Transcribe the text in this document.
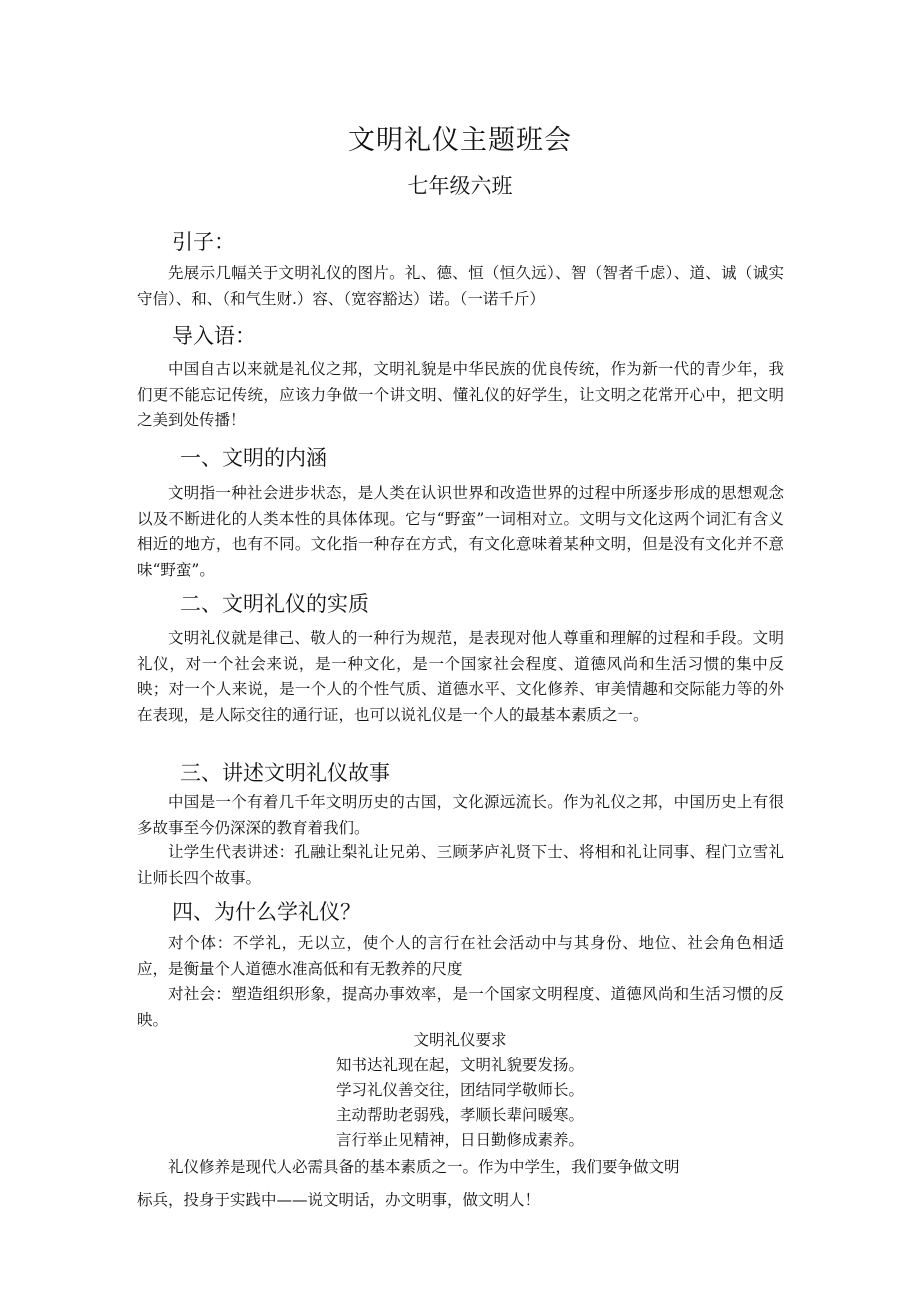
文明礼仪主题班会
七年级六班
引子：

先展示几幅关于文明礼仪的图片。礼、德、恒（恒久远）、智（智者千虑）、道、诚（诚实守信）、和、（和气生财.）容、（宽容豁达）诺。（一诺千斤）

导入语：

中国自古以来就是礼仪之邦，文明礼貌是中华民族的优良传统，作为新一代的青少年，我们更不能忘记传统，应该力争做一个讲文明、懂礼仪的好学生，让文明之花常开心中，把文明之美到处传播！

一、文明的内涵

文明指一种社会进步状态，是人类在认识世界和改造世界的过程中所逐步形成的思想观念以及不断进化的人类本性的具体体现。它与“野蛮”一词相对立。文明与文化这两个词汇有含义相近的地方，也有不同。文化指一种存在方式，有文化意味着某种文明，但是没有文化并不意味“野蛮”。

二、文明礼仪的实质

文明礼仪就是律己、敬人的一种行为规范，是表现对他人尊重和理解的过程和手段。文明礼仪，对一个社会来说，是一种文化，是一个国家社会程度、道德风尚和生活习惯的集中反映；对一个人来说，是一个人的个性气质、道德水平、文化修养、审美情趣和交际能力等的外在表现，是人际交往的通行证，也可以说礼仪是一个人的最基本素质之一。

三、讲述文明礼仪故事

中国是一个有着几千年文明历史的古国，文化源远流长。作为礼仪之邦，中国历史上有很多故事至今仍深深的教育着我们。

让学生代表讲述：孔融让梨礼让兄弟、三顾茅庐礼贤下士、将相和礼让同事、程门立雪礼让师长四个故事。

四、为什么学礼仪？

对个体：不学礼，无以立，使个人的言行在社会活动中与其身份、地位、社会角色相适应，是衡量个人道德水准高低和有无教养的尺度

对社会：塑造组织形象，提高办事效率，是一个国家文明程度、道德风尚和生活习惯的反映。

文明礼仪要求
知书达礼现在起，文明礼貌要发扬。
学习礼仪善交往，团结同学敬师长。
主动帮助老弱残，孝顺长辈问暖寒。
言行举止见精神，日日勤修成素养。
礼仪修养是现代人必需具备的基本素质之一。作为中学生，我们要争做文明
标兵，投身于实践中——说文明话，办文明事，做文明人！
